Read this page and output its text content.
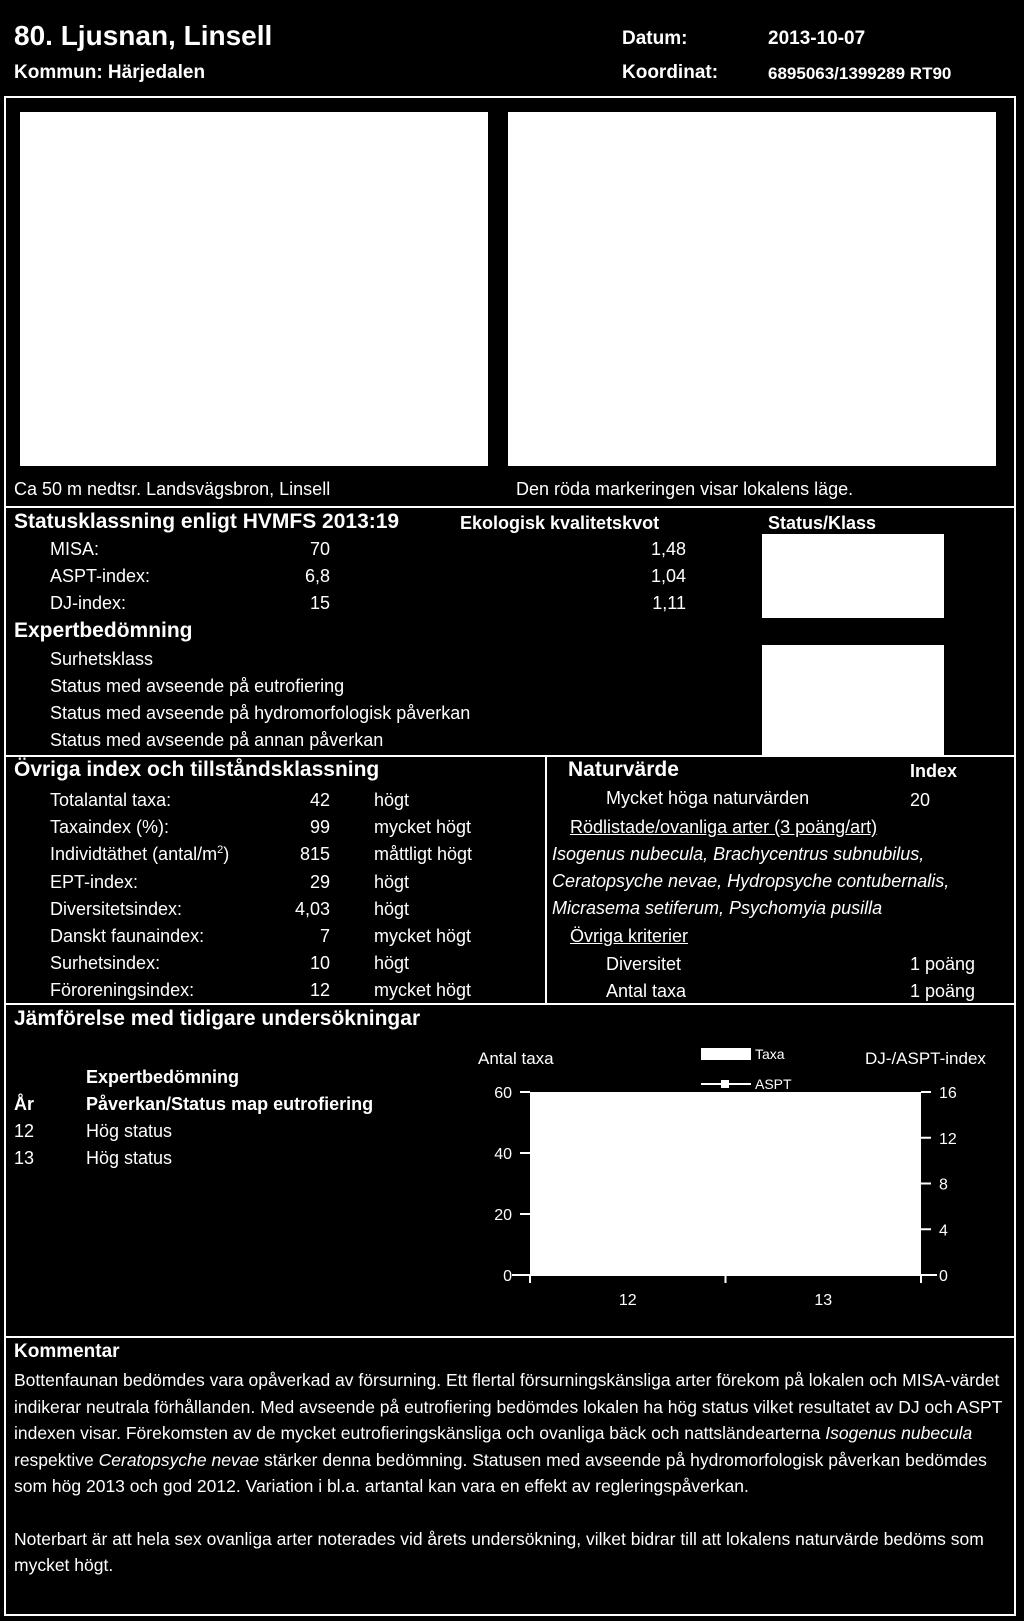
80. Ljusnan, Linsell
Kommun: Härjedalen
Datum:	2013-10-07
Koordinat:	6895063/1399289 RT90
Ca 50 m nedtsr. Landsvägsbron, Linsell	Den röda markeringen visar lokalens läge.
Statusklassning enligt HVMFS 2013:19	Ekologisk kvalitetskvot	Status/Klass
MISA:	70	1,48
ASPT-index:	6,8	1,04
DJ-index:	15	1,11
Expertbedömning
Surhetsklass
Status med avseende på eutrofiering
Status med avseende på hydromorfologisk påverkan
Status med avseende på annan påverkan
Övriga index och tillståndsklassning
Totalantal taxa:	42 högt
Taxaindex (%):	99 mycket högt
Individtäthet $(antal/m^2)$	815 måttligt högt
EPT-index:	29 högt
Diversitetsindex:	4,03 högt
Danskt faunaindex:	7 mycket högt
Surhetsindex:	10 högt
Föroreningsindex:	12 mycket högt
Naturvärde	Index
Mycket höga naturvärden	20
Rödlistade/ovanliga arter (3 poäng/art)
Isogenus nubecula, Brachycentrus subnubilus,
Ceratopsyche nevae, Hydropsyche contubernalis,
Micrasema setiferum, Psychomyia pusilla
Övriga kriterier
Diversitet	1 poäng
Antal taxa	1 poäng
Jämförelse med tidigare undersökningar
Expertbedömning
År	Påverkan/Status map eutrofiering
12	Hög status
13	Hög status
Antal taxa	DJ-/ASPT-index
Taxa
ASPT
0
20
40
60
0
4
8
12
16
12	13
Kommentar

Bottenfaunan bedömdes vara opåverkad av försurning. Ett flertal försurningskänsliga arter förekom på lokalen och MISA-värdet indikerar neutrala förhållanden. Med avseende på eutrofiering bedömdes lokalen ha hög status vilket resultatet av DJ och ASPT indexen visar. Förekomsten av de mycket eutrofieringskänsliga och ovanliga bäck och nattsländearterna Isogenus nubecula respektive Ceratopsyche nevae stärker denna bedömning. Statusen med avseende på hydromorfologisk påverkan bedömdes som hög 2013 och god 2012. Variation i bl.a. artantal kan vara en effekt av regleringspåverkan.

Noterbart är att hela sex ovanliga arter noterades vid årets undersökning, vilket bidrar till att lokalens naturvärde bedöms som mycket högt.
